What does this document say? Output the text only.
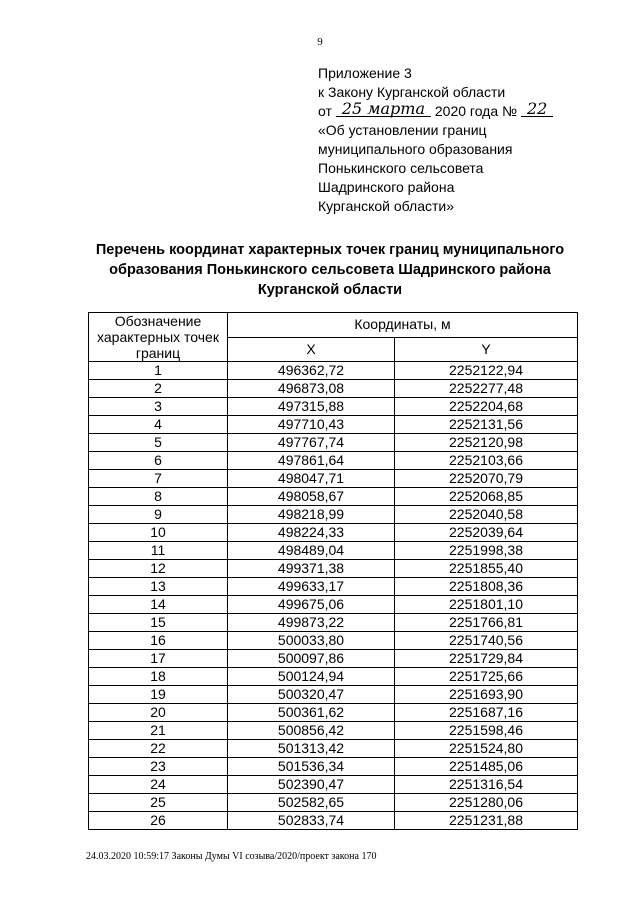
9
Приложение 3
к Закону Курганской области
от 25 марта 2020 года № 22
«Об установлении границ
муниципального образования
Понькинского сельсовета
Шадринского района
Курганской области»
Перечень координат характерных точек границ муниципального
образования Понькинского сельсовета Шадринского района
Курганской области
Обозначение характерных точек границ	Координаты, м	
	X	Y
1	496362,72	2252122,94
2	496873,08	2252277,48
3	497315,88	2252204,68
4	497710,43	2252131,56
5	497767,74	2252120,98
6	497861,64	2252103,66
7	498047,71	2252070,79
8	498058,67	2252068,85
9	498218,99	2252040,58
10	498224,33	2252039,64
11	498489,04	2251998,38
12	499371,38	2251855,40
13	499633,17	2251808,36
14	499675,06	2251801,10
15	499873,22	2251766,81
16	500033,80	2251740,56
17	500097,86	2251729,84
18	500124,94	2251725,66
19	500320,47	2251693,90
20	500361,62	2251687,16
21	500856,42	2251598,46
22	501313,42	2251524,80
23	501536,34	2251485,06
24	502390,47	2251316,54
25	502582,65	2251280,06
26	502833,74	2251231,88
24.03.2020 10:59:17 Законы Думы VI созыва/2020/проект закона 170
